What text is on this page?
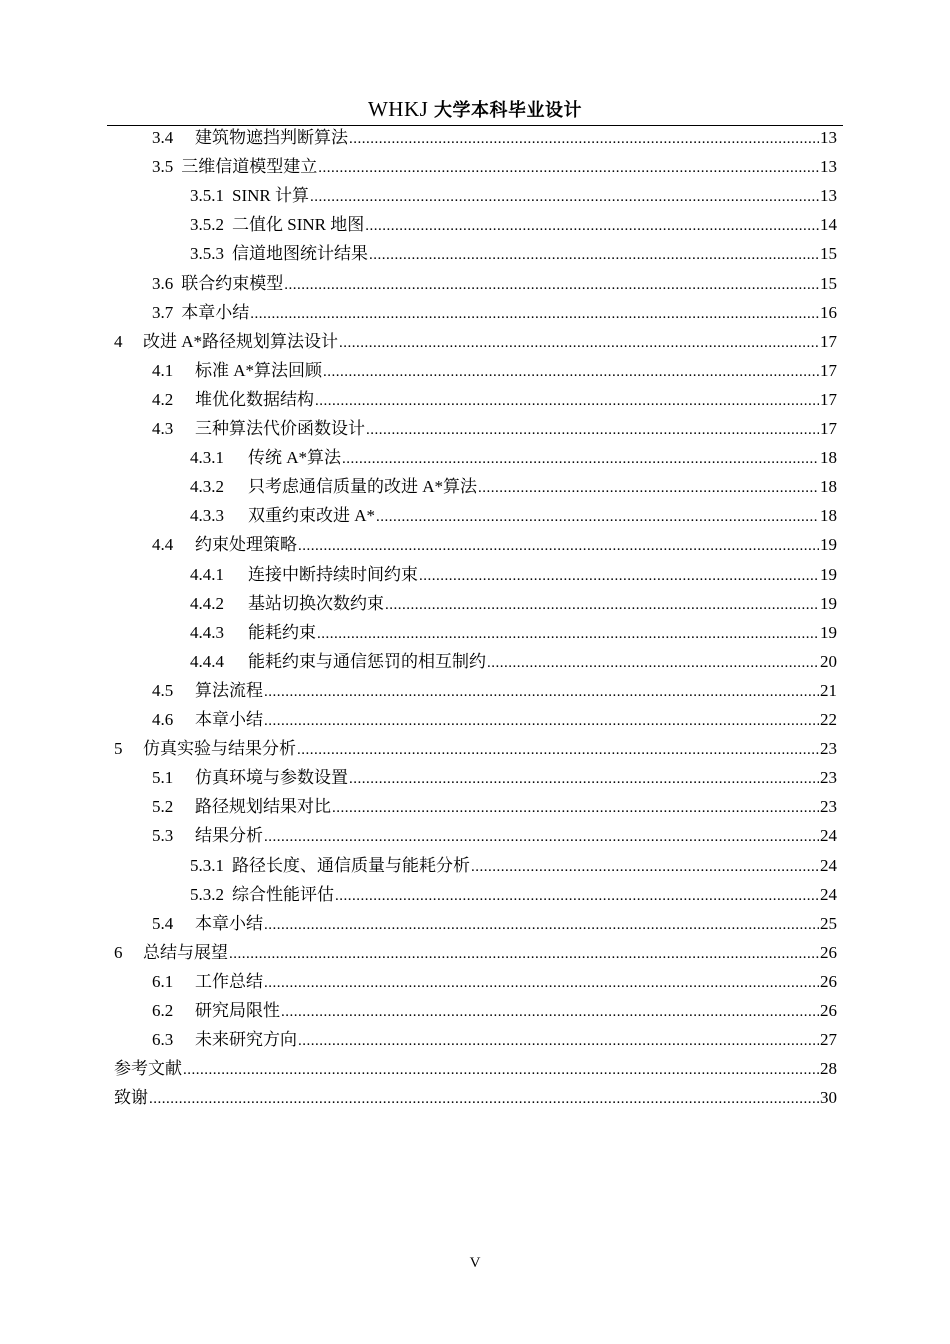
WHKJ 大学本科毕业设计
3.4	建筑物遮挡判断算法 .....	13
3.5 三维信道模型建立 .....	13
3.5.1 SINR 计算 .....	13
3.5.2 二值化 SINR 地图 .....	14
3.5.3 信道地图统计结果 .....	15
3.6 联合约束模型 .....	15
3.7 本章小结 .....	16
4	改进 A*路径规划算法设计 .....	17
4.1	标准 A*算法回顾 .....	17
4.2	堆优化数据结构 .....	17
4.3	三种算法代价函数设计 .....	17
4.3.1	传统 A*算法 .....	18
4.3.2	只考虑通信质量的改进 A*算法 .....	18
4.3.3	双重约束改进 A* .....	18
4.4	约束处理策略 .....	19
4.4.1	连接中断持续时间约束 .....	19
4.4.2	基站切换次数约束 .....	19
4.4.3	能耗约束 .....	19
4.4.4	能耗约束与通信惩罚的相互制约 .....	20
4.5	算法流程 .....	21
4.6	本章小结 .....	22
5	仿真实验与结果分析 .....	23
5.1	仿真环境与参数设置 .....	23
5.2	路径规划结果对比 .....	23
5.3	结果分析 .....	24
5.3.1 路径长度、通信质量与能耗分析 .....	24
5.3.2 综合性能评估 .....	24
5.4	本章小结 .....	25
6	总结与展望 .....	26
6.1	工作总结 .....	26
6.2	研究局限性 .....	26
6.3	未来研究方向 .....	27
参考文献 .....	28
致谢 .....	30
V
